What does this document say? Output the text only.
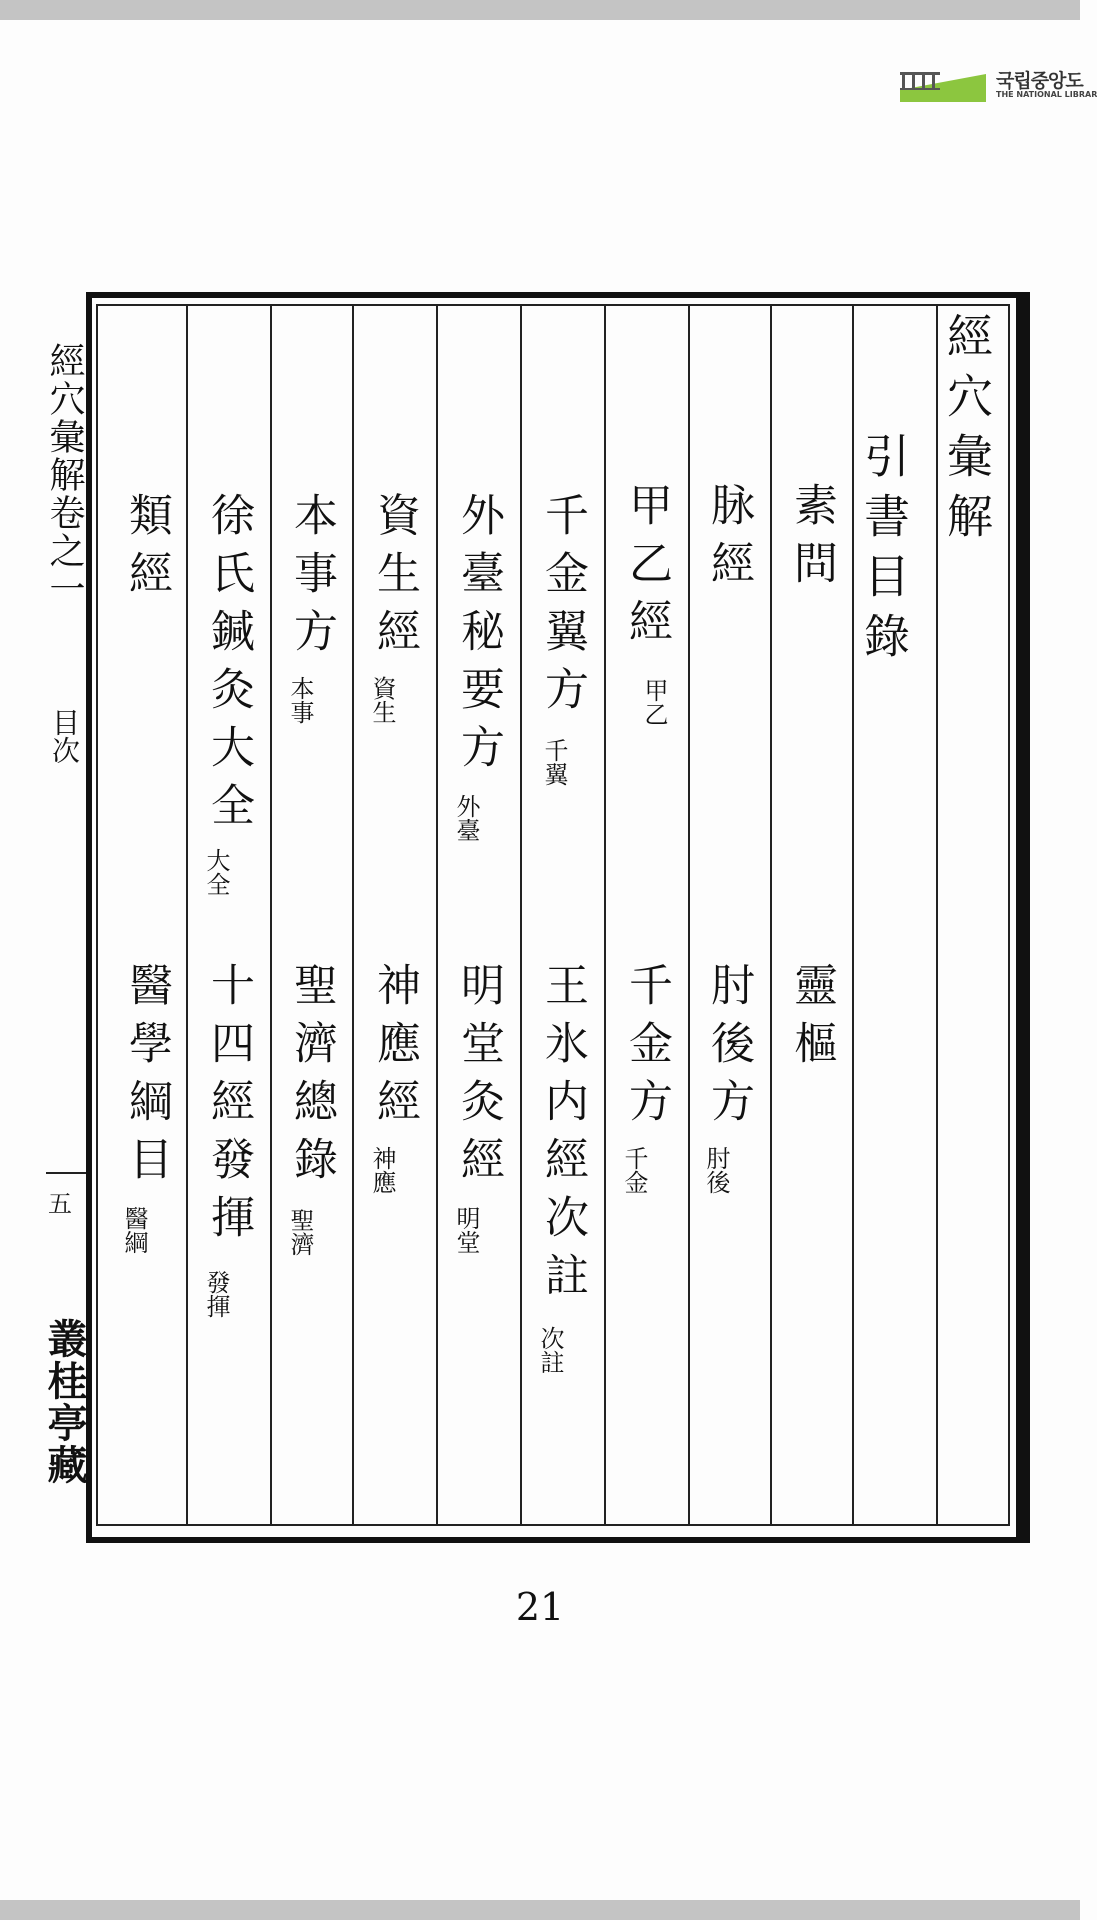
국립중앙도
THE NATIONAL LIBRAR
經穴彙解卷之一
目次
五
叢桂亭藏
經穴彙解
引書目錄
素問
脉經
甲乙經
甲乙
千金翼方
千翼
外臺秘要方
外臺
資生經
資生
本事方
本事
徐氏鍼灸大全
大全
類經
靈樞
肘後方
肘後
千金方
千金
王氷内經次註
次註
明堂灸經
明堂
神應經
神應
聖濟總錄
聖濟
十四經發揮
發揮
醫學綱目
醫綱
21
